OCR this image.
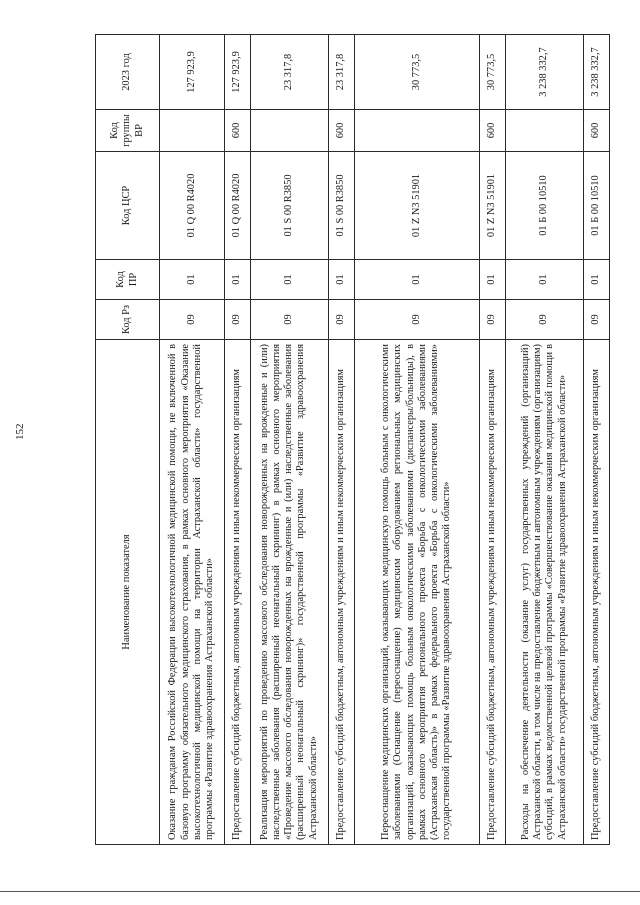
152
Наименование показателя	Код Рз	Код ПР	Код ЦСР	Код группы ВР	2023 год
Оказание гражданам Российской Федерации высокотехнологичной медицинской помощи, не включенной в базовую программу обязательного медицинского страхования, в рамках основного мероприятия «Оказание высокотехнологичной медицинской помощи на территории Астраханской области» государственной программы «Развитие здравоохранения Астраханской области»	09	01	01 Q 00 R4020		127 923,9
Предоставление субсидий бюджетным, автономным учреждениям и иным некоммерческим организациям	09	01	01 Q 00 R4020	600	127 923,9
Реализация мероприятий по проведению массового обследования новорожденных на врожденные и (или) наследственные заболевания (расширенный неонатальный скрининг) в рамках основного мероприятия «Проведение массового обследования новорожденных на врожденные и (или) наследственные заболевания (расширенный неонатальный скрининг)» государственной программы «Развитие здравоохранения Астраханской области»	09	01	01 S 00 R3850		23 317,8
Предоставление субсидий бюджетным, автономным учреждениям и иным некоммерческим организациям	09	01	01 S 00 R3850	600	23 317,8
Переоснащение медицинских организаций, оказывающих медицинскую помощь больным с онкологическими заболеваниями (Оснащение (переоснащение) медицинским оборудованием региональных медицинских организаций, оказывающих помощь больным онкологическими заболеваниями (диспансеры/больницы), в рамках основного мероприятия регионального проекта «Борьба с онкологическими заболеваниями (Астраханская область)» в рамках федерального проекта «Борьба с онкологическими заболеваниями» государственной программы «Развитие здравоохранения Астраханской области»	09	01	01 Z N3 51901		30 773,5
Предоставление субсидий бюджетным, автономным учреждениям и иным некоммерческим организациям	09	01	01 Z N3 51901	600	30 773,5
Расходы на обеспечение деятельности (оказание услуг) государственных учреждений (организаций) Астраханской области, в том числе на предоставление бюджетным и автономным учреждениям (организациям) субсидий, в рамках ведомственной целевой программы «Совершенствование оказания медицинской помощи в Астраханской области» государственной программы «Развитие здравоохранения Астраханской области»	09	01	01 Б 00 10510		3 238 332,7
Предоставление субсидий бюджетным, автономным учреждениям и иным некоммерческим организациям	09	01	01 Б 00 10510	600	3 238 332,7
